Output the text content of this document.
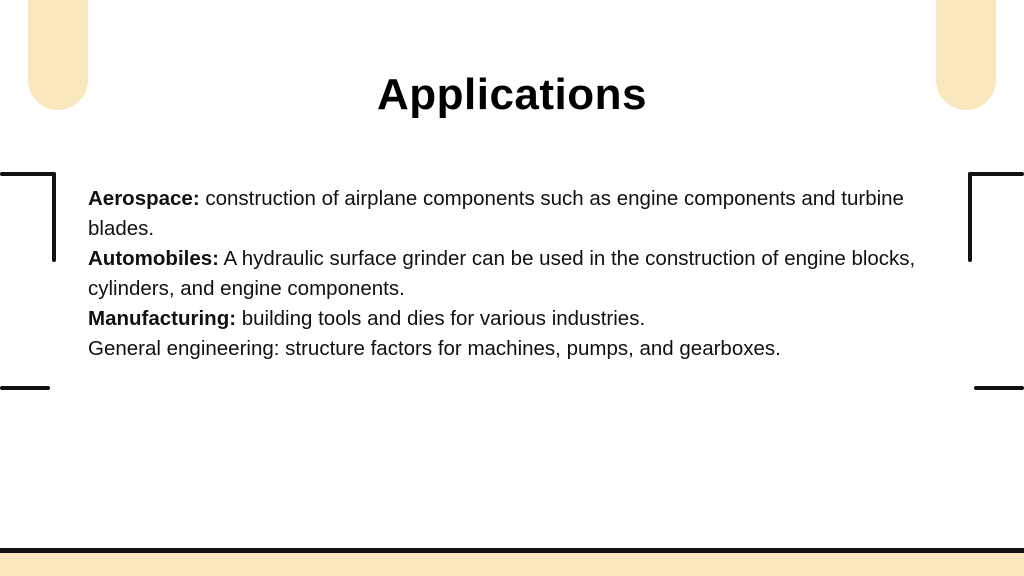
Applications

Aerospace: construction of airplane components such as engine components and turbine blades.

Automobiles: A hydraulic surface grinder can be used in the construction of engine blocks, cylinders, and engine components.

Manufacturing: building tools and dies for various industries.

General engineering: structure factors for machines, pumps, and gearboxes.
